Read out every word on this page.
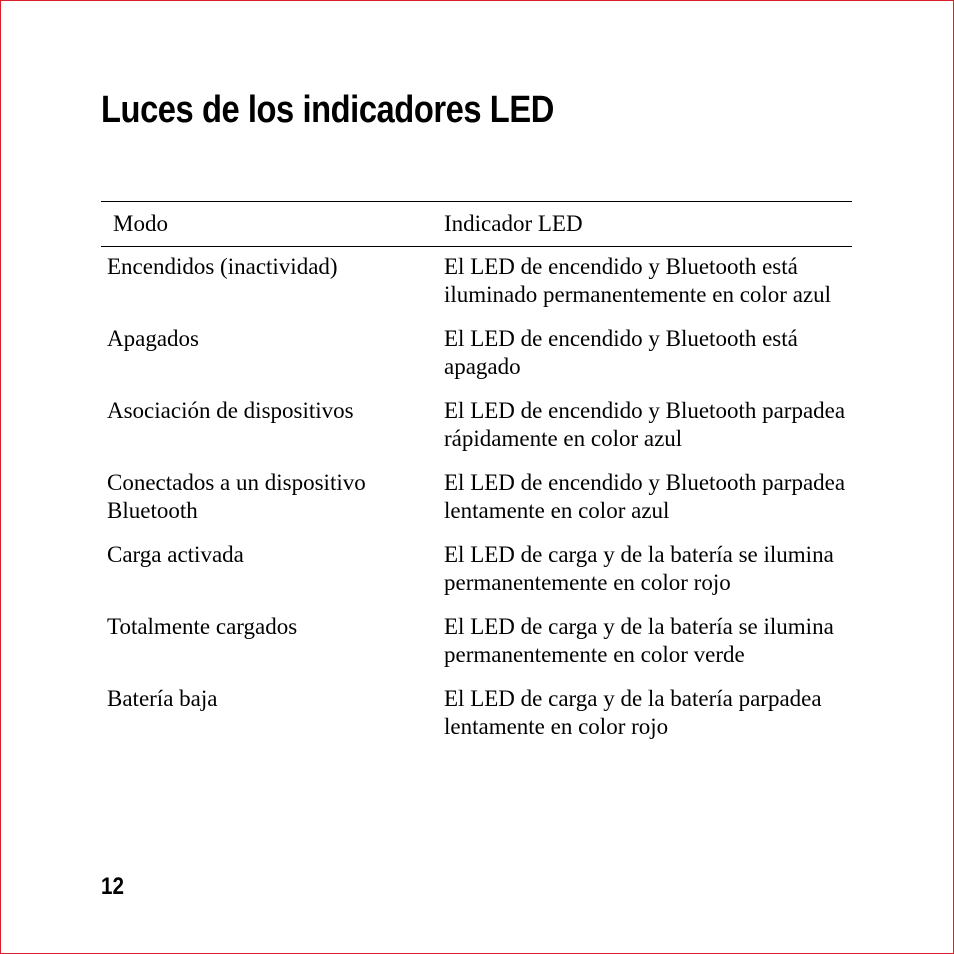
Luces de los indicadores LED
Modo	Indicador LED
Encendidos (inactividad)	El LED de encendido y Bluetooth está iluminado permanentemente en color azul
Apagados	El LED de encendido y Bluetooth está apagado
Asociación de dispositivos	El LED de encendido y Bluetooth parpadea rápidamente en color azul
Conectados a un dispositivo Bluetooth	El LED de encendido y Bluetooth parpadea lentamente en color azul
Carga activada	El LED de carga y de la batería se ilumina permanentemente en color rojo
Totalmente cargados	El LED de carga y de la batería se ilumina permanentemente en color verde
Batería baja	El LED de carga y de la batería parpadea lentamente en color rojo
12
